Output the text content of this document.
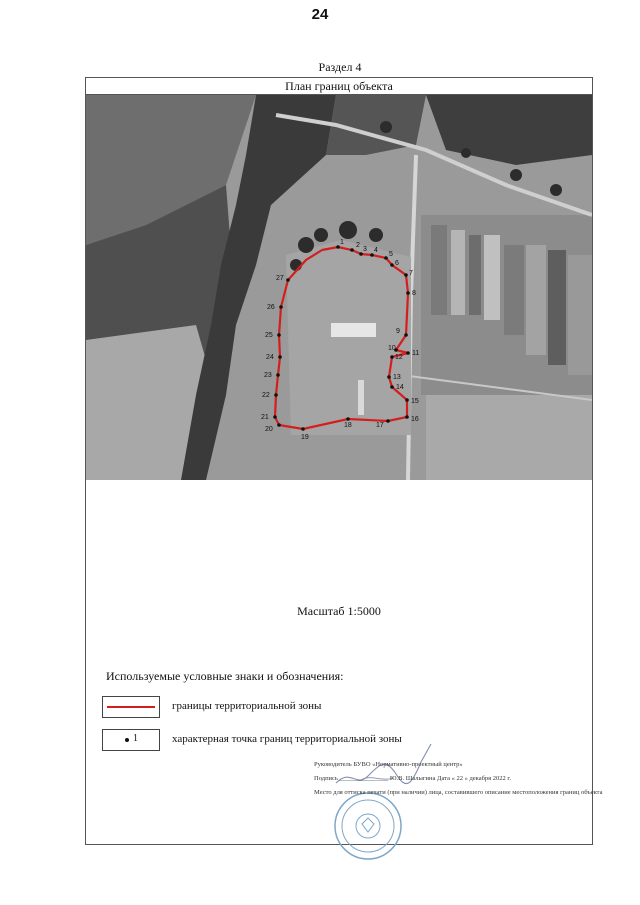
24
Раздел 4
План границ объекта
1 2
3 4
5
6
7
8
9
10
11
12
13
14
15
16
17
18
19
20
21
22
23
24
25
26
27
Масштаб 1:5000
Используемые условные знаки и обозначения:
границы территориальной зоны
1	характерная точка границ территориальной зоны
Руководитель БУВО «Нормативно-проектный центр»
Подпись _______________ Ю.В. Шалыгина Дата « 22 » декабря 2022 г.
Место для оттиска печати (при наличии) лица, составившего описание местоположения границ объекта
